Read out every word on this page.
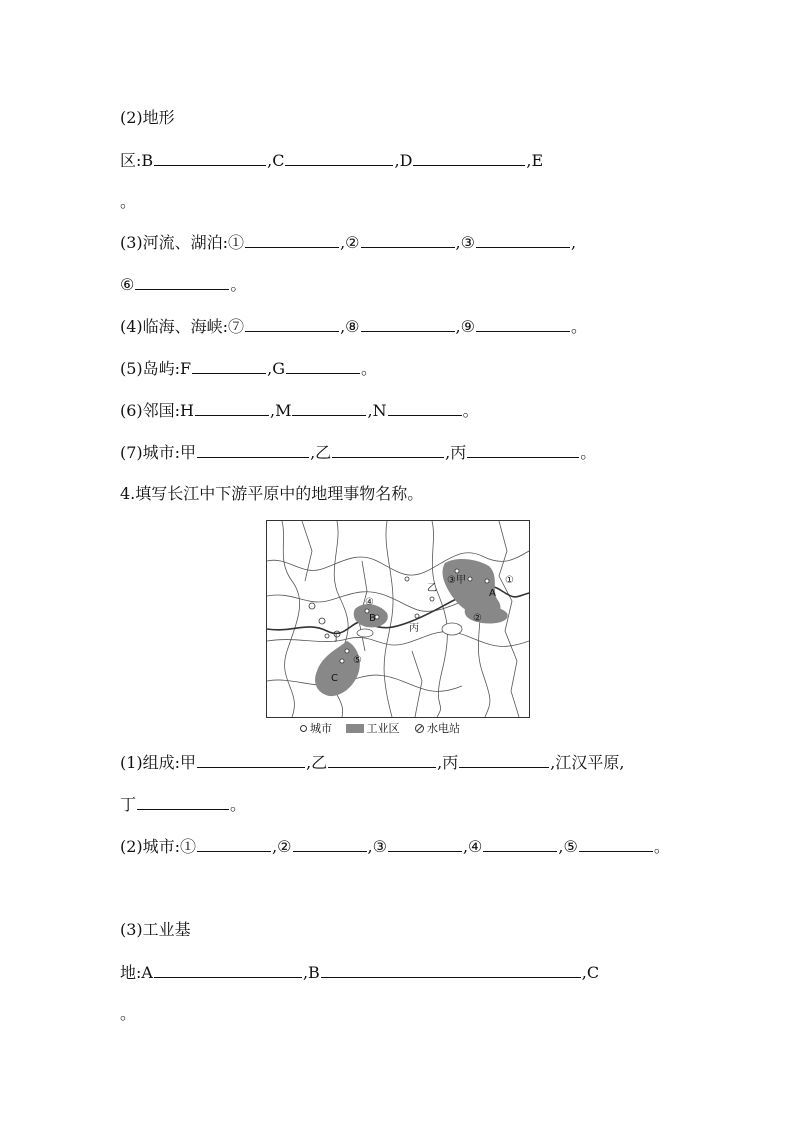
(2)地形
区:B	,C	,D	,E
。
(3)河流、湖泊:①	,②	,③	,
⑥	。
(4)临海、海峡:⑦	,⑧	,⑨	。
(5)岛屿:F	,G	。
(6)邻国:H	,M	,N	。
(7)城市:甲	,乙	,丙	。
4.填写长江中下游平原中的地理事物名称。
③甲
乙
丙
丁
A
B
C
①
②
④
⑤
城市	工业区	水电站
(1)组成:甲	,乙	,丙	,江汉平原,
丁	。
(2)城市:①	,②	,③	,④	,⑤	。
(3)工业基
地:A	,B	,C
。
